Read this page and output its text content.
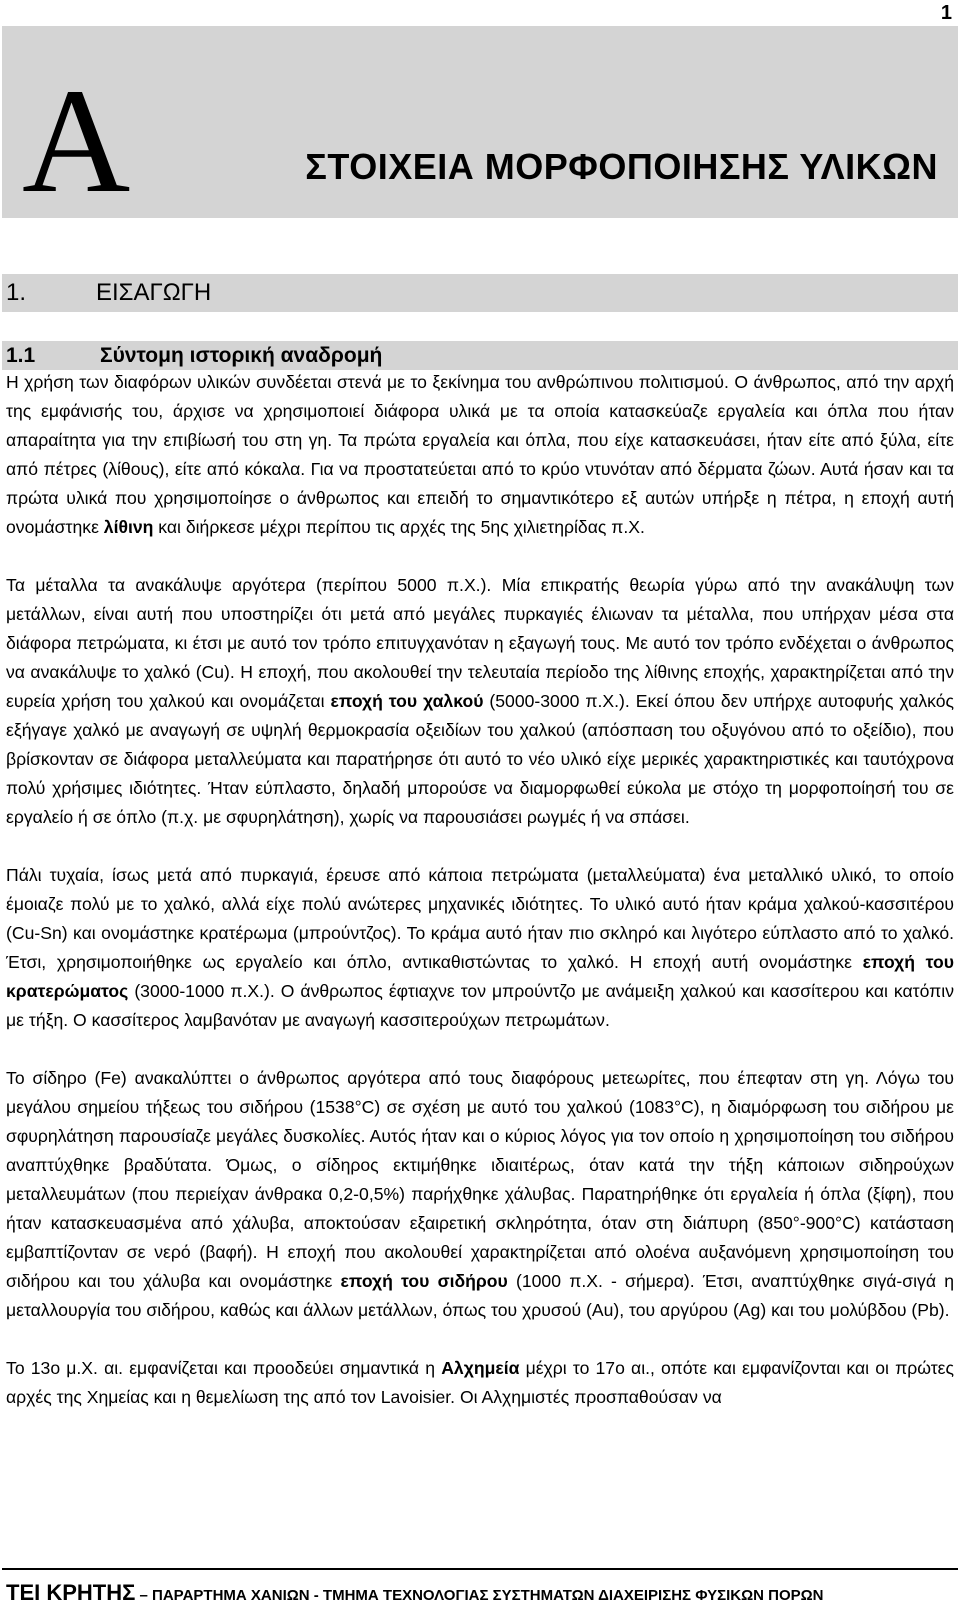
1
A	ΣΤΟΙΧΕΙΑ ΜΟΡΦΟΠΟΙΗΣΗΣ ΥΛΙΚΩΝ
1.	ΕΙΣΑΓΩΓΗ
1.1	Σύντομη ιστορική αναδρομή

Η χρήση των διαφόρων υλικών συνδέεται στενά με το ξεκίνημα του ανθρώπινου πολιτισμού. Ο άνθρωπος, από την αρχή της εμφάνισής του, άρχισε να χρησιμοποιεί διάφορα υλικά με τα οποία κατασκεύαζε εργαλεία και όπλα που ήταν απαραίτητα για την επιβίωσή του στη γη. Τα πρώτα εργαλεία και όπλα, που είχε κατασκευάσει, ήταν είτε από ξύλα, είτε από πέτρες (λίθους), είτε από κόκαλα. Για να προστατεύεται από το κρύο ντυνόταν από δέρματα ζώων. Αυτά ήσαν και τα πρώτα υλικά που χρησιμοποίησε ο άνθρωπος και επειδή το σημαντικότερο εξ αυτών υπήρξε η πέτρα, η εποχή αυτή ονομάστηκε λίθινη και διήρκεσε μέχρι περίπου τις αρχές της 5ης χιλιετηρίδας π.Χ.

Τα μέταλλα τα ανακάλυψε αργότερα (περίπου 5000 π.Χ.). Μία επικρατής θεωρία γύρω από την ανακάλυψη των μετάλλων, είναι αυτή που υποστηρίζει ότι μετά από μεγάλες πυρκαγιές έλιωναν τα μέταλλα, που υπήρχαν μέσα στα διάφορα πετρώματα, κι έτσι με αυτό τον τρόπο επιτυγχανόταν η εξαγωγή τους. Με αυτό τον τρόπο ενδέχεται ο άνθρωπος να ανακάλυψε το χαλκό (Cu). Η εποχή, που ακολουθεί την τελευταία περίοδο της λίθινης εποχής, χαρακτηρίζεται από την ευρεία χρήση του χαλκού και ονομάζεται εποχή του χαλκού (5000-3000 π.Χ.). Εκεί όπου δεν υπήρχε αυτοφυής χαλκός εξήγαγε χαλκό με αναγωγή σε υψηλή θερμοκρασία οξειδίων του χαλκού (απόσπαση του οξυγόνου από το οξείδιο), που βρίσκονταν σε διάφορα μεταλλεύματα και παρατήρησε ότι αυτό το νέο υλικό είχε μερικές χαρακτηριστικές και ταυτόχρονα πολύ χρήσιμες ιδιότητες. Ήταν εύπλαστο, δηλαδή μπορούσε να διαμορφωθεί εύκολα με στόχο τη μορφοποίησή του σε εργαλείο ή σε όπλο (π.χ. με σφυρηλάτηση), χωρίς να παρουσιάσει ρωγμές ή να σπάσει.

Πάλι τυχαία, ίσως μετά από πυρκαγιά, έρευσε από κάποια πετρώματα (μεταλλεύματα) ένα μεταλλικό υλικό, το οποίο έμοιαζε πολύ με το χαλκό, αλλά είχε πολύ ανώτερες μηχανικές ιδιότητες. Το υλικό αυτό ήταν κράμα χαλκού-κασσιτέρου (Cu-Sn) και ονομάστηκε κρατέρωμα (μπρούντζος). Το κράμα αυτό ήταν πιο σκληρό και λιγότερο εύπλαστο από το χαλκό. Έτσι, χρησιμοποιήθηκε ως εργαλείο και όπλο, αντικαθιστώντας το χαλκό. Η εποχή αυτή ονομάστηκε εποχή του κρατερώματος (3000-1000 π.Χ.). Ο άνθρωπος έφτιαχνε τον μπρούντζο με ανάμειξη χαλκού και κασσίτερου και κατόπιν με τήξη. Ο κασσίτερος λαμβανόταν με αναγωγή κασσιτερούχων πετρωμάτων.

Το σίδηρο (Fe) ανακαλύπτει ο άνθρωπος αργότερα από τους διαφόρους μετεωρίτες, που έπεφταν στη γη. Λόγω του μεγάλου σημείου τήξεως του σιδήρου (1538°C) σε σχέση με αυτό του χαλκού (1083°C), η διαμόρφωση του σιδήρου με σφυρηλάτηση παρουσίαζε μεγάλες δυσκολίες. Αυτός ήταν και ο κύριος λόγος για τον οποίο η χρησιμοποίηση του σιδήρου αναπτύχθηκε βραδύτατα. Όμως, ο σίδηρος εκτιμήθηκε ιδιαιτέρως, όταν κατά την τήξη κάποιων σιδηρούχων μεταλλευμάτων (που περιείχαν άνθρακα 0,2-0,5%) παρήχθηκε χάλυβας. Παρατηρήθηκε ότι εργαλεία ή όπλα (ξίφη), που ήταν κατασκευασμένα από χάλυβα, αποκτούσαν εξαιρετική σκληρότητα, όταν στη διάπυρη (850°-900°C) κατάσταση εμβαπτίζονταν σε νερό (βαφή). Η εποχή που ακολουθεί χαρακτηρίζεται από ολοένα αυξανόμενη χρησιμοποίηση του σιδήρου και του χάλυβα και ονομάστηκε εποχή του σιδήρου (1000 π.Χ. - σήμερα). Έτσι, αναπτύχθηκε σιγά-σιγά η μεταλλουργία του σιδήρου, καθώς και άλλων μετάλλων, όπως του χρυσού (Au), του αργύρου (Ag) και του μολύβδου (Pb).

Το 13ο μ.Χ. αι. εμφανίζεται και προοδεύει σημαντικά η Αλχημεία μέχρι το 17ο αι., οπότε και εμφανίζονται και οι πρώτες αρχές της Χημείας και η θεμελίωση της από τον Lavoisier. Οι Αλχημιστές προσπαθούσαν να

ΤΕΙ ΚΡΗΤΗΣ – ΠΑΡΑΡΤΗΜΑ ΧΑΝΙΩΝ - ΤΜΗΜΑ ΤΕΧΝΟΛΟΓΙΑΣ ΣΥΣΤΗΜΑΤΩΝ ΔΙΑΧΕΙΡΙΣΗΣ ΦΥΣΙΚΩΝ ΠΟΡΩΝ
